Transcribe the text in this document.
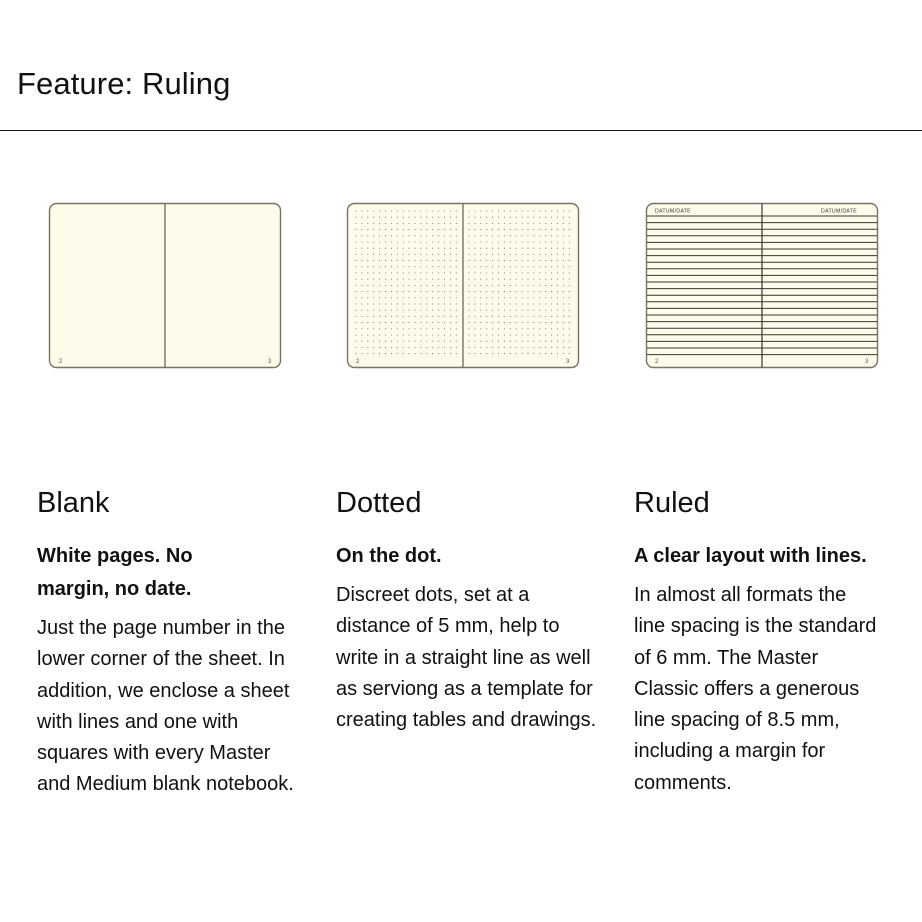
Feature: Ruling
2	3	2	3
DATUM/DATE	DATUM/DATE
2	3
Blank

White pages. No margin, no date.

Just the page number in the lower corner of the sheet. In addition, we enclose a sheet with lines and one with squares with every Master and Medium blank notebook.

Dotted

On the dot.

Discreet dots, set at a distance of 5 mm, help to write in a straight line as well as serviong as a template for creating tables and drawings.

Ruled

A clear layout with lines.

In almost all formats the line spacing is the standard of 6 mm. The Master Classic offers a generous line spacing of 8.5 mm, including a margin for comments.
